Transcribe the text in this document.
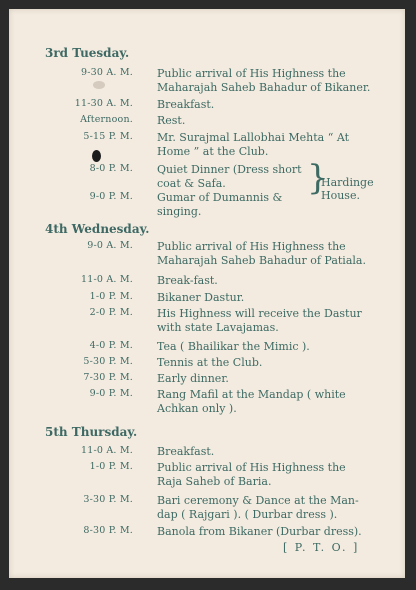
3rd Tuesday.
9-30 A. M. Public arrival of His Highness the
Maharajah Saheb Bahadur of Bikaner.
11-30 A. M. Breakfast.
Afternoon. Rest.
5-15 P. M. Mr. Surajmal Lallobhai Mehta “ At
Home ” at the Club.
8-0 P. M. Quiet Dinner (Dress short
coat & Safa.
9-0 P. M. Gumar of Dumannis &
singing.
}
Hardinge
House.
4th Wednesday.
9-0 A. M. Public arrival of His Highness the
Maharajah Saheb Bahadur of Patiala.
11-0 A. M. Break-fast.
1-0 P. M. Bikaner Dastur.
2-0 P. M. His Highness will receive the Dastur
with state Lavajamas.
4-0 P. M. Tea ( Bhailikar the Mimic ).
5-30 P. M. Tennis at the Club.
7-30 P. M. Early dinner.
9-0 P. M. Rang Mafil at the Mandap ( white
Achkan only ).
5th Thursday.
11-0 A. M. Breakfast.
1-0 P. M. Public arrival of His Highness the
Raja Saheb of Baria.
3-30 P. M. Bari ceremony & Dance at the Man-
dap ( Rajgari ). ( Durbar dress ).
8-30 P. M. Banola from Bikaner (Durbar dress).
[ P. T. O. ]
